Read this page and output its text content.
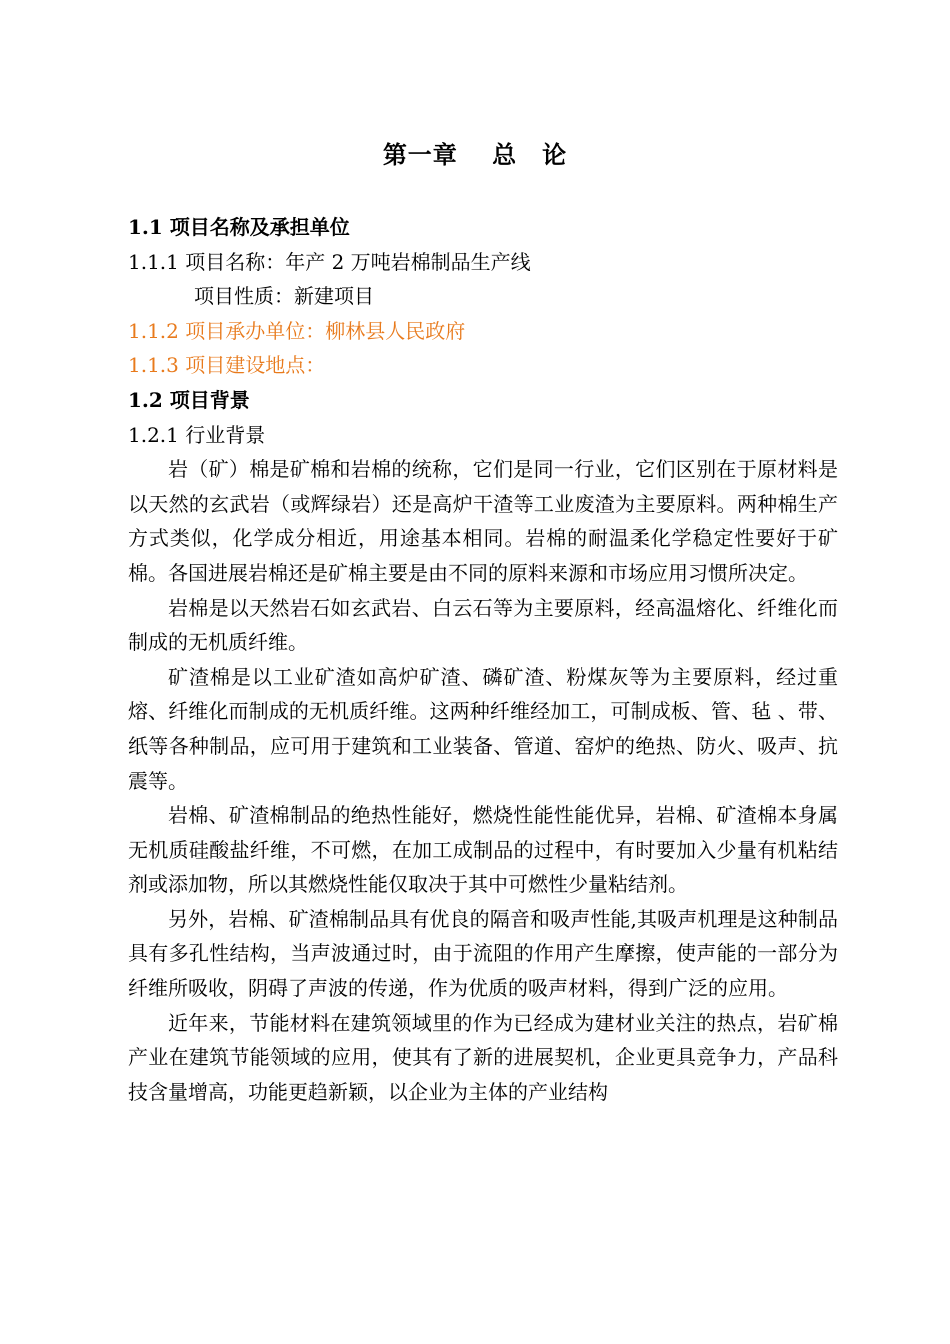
第一章　 总　论
1.1 项目名称及承担单位
1.1.1 项目名称：年产 2 万吨岩棉制品生产线
项目性质：新建项目
1.1.2 项目承办单位：柳林县人民政府
1.1.3 项目建设地点：
1.2 项目背景
1.2.1 行业背景

岩（矿）棉是矿棉和岩棉的统称，它们是同一行业，它们区别在于原材料是以天然的玄武岩（或辉绿岩）还是高炉干渣等工业废渣为主要原料。两种棉生产方式类似，化学成分相近，用途基本相同。岩棉的耐温柔化学稳定性要好于矿棉。各国进展岩棉还是矿棉主要是由不同的原料来源和市场应用习惯所决定。

岩棉是以天然岩石如玄武岩、白云石等为主要原料，经高温熔化、纤维化而制成的无机质纤维。

矿渣棉是以工业矿渣如高炉矿渣、磷矿渣、粉煤灰等为主要原料，经过重熔、纤维化而制成的无机质纤维。这两种纤维经加工，可制成板、管、毡 、带、纸等各种制品，应可用于建筑和工业装备、管道、窑炉的绝热、防火、吸声、抗震等。

岩棉、矿渣棉制品的绝热性能好，燃烧性能性能优异，岩棉、矿渣棉本身属无机质硅酸盐纤维，不可燃，在加工成制品的过程中，有时要加入少量有机粘结剂或添加物，所以其燃烧性能仅取决于其中可燃性少量粘结剂。

另外，岩棉、矿渣棉制品具有优良的隔音和吸声性能,其吸声机理是这种制品具有多孔性结构，当声波通过时，由于流阻的作用产生摩擦，使声能的一部分为纤维所吸收，阴碍了声波的传递，作为优质的吸声材料，得到广泛的应用。

近年来，节能材料在建筑领域里的作为已经成为建材业关注的热点，岩矿棉产业在建筑节能领域的应用，使其有了新的进展契机，企业更具竞争力，产品科技含量增高，功能更趋新颖，以企业为主体的产业结构
